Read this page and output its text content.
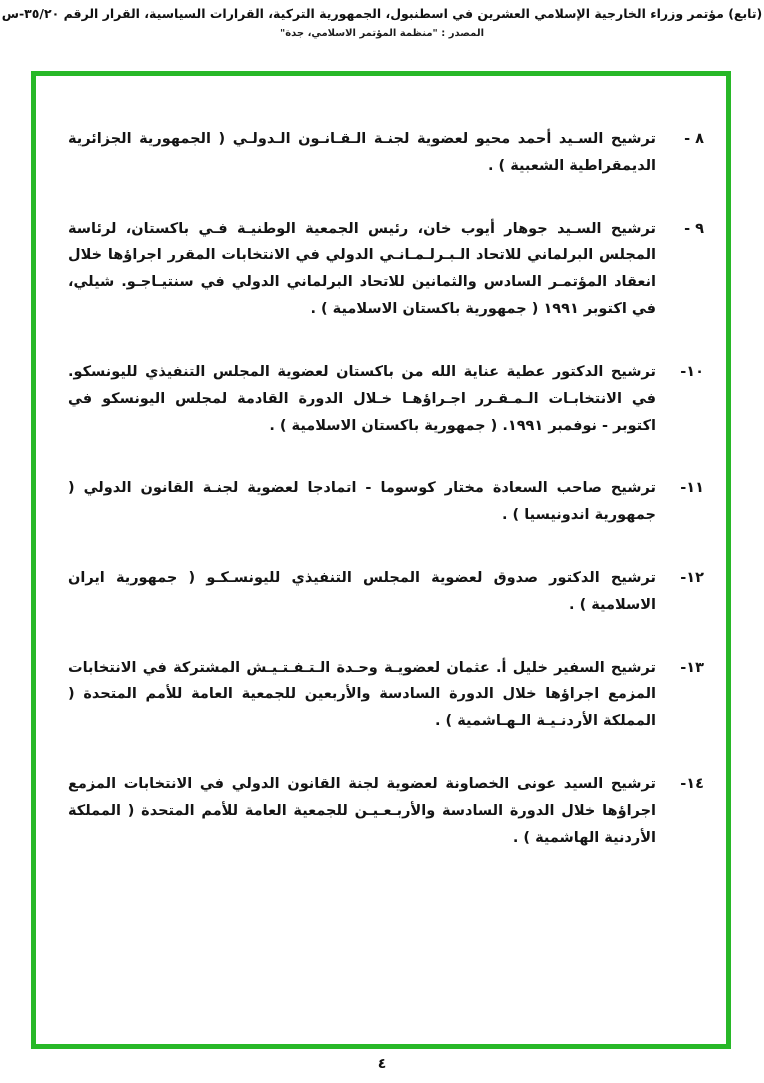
(تابع) مؤتمر وزراء الخارجية الإسلامي العشرين في اسطنبول، الجمهورية التركية، القرارات السياسية، القرار الرقم ٣٥/٢٠-س
المصدر : "منظمة المؤتمر الاسلامي، جدة"
٨ -
ترشيح السـيد أحمد محيو لعضوية لجنـة الـقـانـون الـدولـي ( الجمهورية الجزائرية الديمقراطية الشعبية ) .
٩ -
ترشيح السـيد جوهار أيوب خان، رئيس الجمعية الوطنيـة فـي باكستان، لرئاسة المجلس البرلماني للاتحاد الـبـرلـمـانـي الدولي في الانتخابات المقرر اجراؤها خلال انعقاد المؤتمـر السادس والثمانين للاتحاد البرلماني الدولي في سنتيـاجـو. شيلي، في اكتوبر ١٩٩١ ( جمهورية باكستان الاسلامية ) .
١٠-
ترشيح الدكتور عطية عناية الله من باكستان لعضوية المجلس التنفيذي لليونسكو. في الانتخابـات الـمـقـرر اجـراؤهـا خـلال الدورة القادمة لمجلس اليونسكو في اكتوبر - نوفمبر ١٩٩١. ( جمهورية باكستان الاسلامية ) .
١١-
ترشيح صاحب السعادة مختار كوسوما - اتمادجا لعضوية لجنـة القانون الدولي ( جمهورية اندونيسيا ) .
١٢-
ترشيح الدكتور صدوق لعضوية المجلس التنفيذي لليونسـكـو ( جمهورية ايران الاسلامية ) .
١٣-
ترشيح السفير خليل أ. عثمان لعضويـة وحـدة الـتـفـتـيـش المشتركة في الانتخابات المزمع اجراؤها خلال الدورة السادسة والأربعين للجمعية العامة للأمم المتحدة ( المملكة الأردنـيـة الـهـاشمية ) .
١٤-
ترشيح السيد عونى الخصاونة لعضوية لجنة القانون الدولي في الانتخابات المزمع اجراؤها خلال الدورة السادسة والأربـعـيـن للجمعية العامة للأمم المتحدة ( المملكة الأردنية الهاشمية ) .
٤
